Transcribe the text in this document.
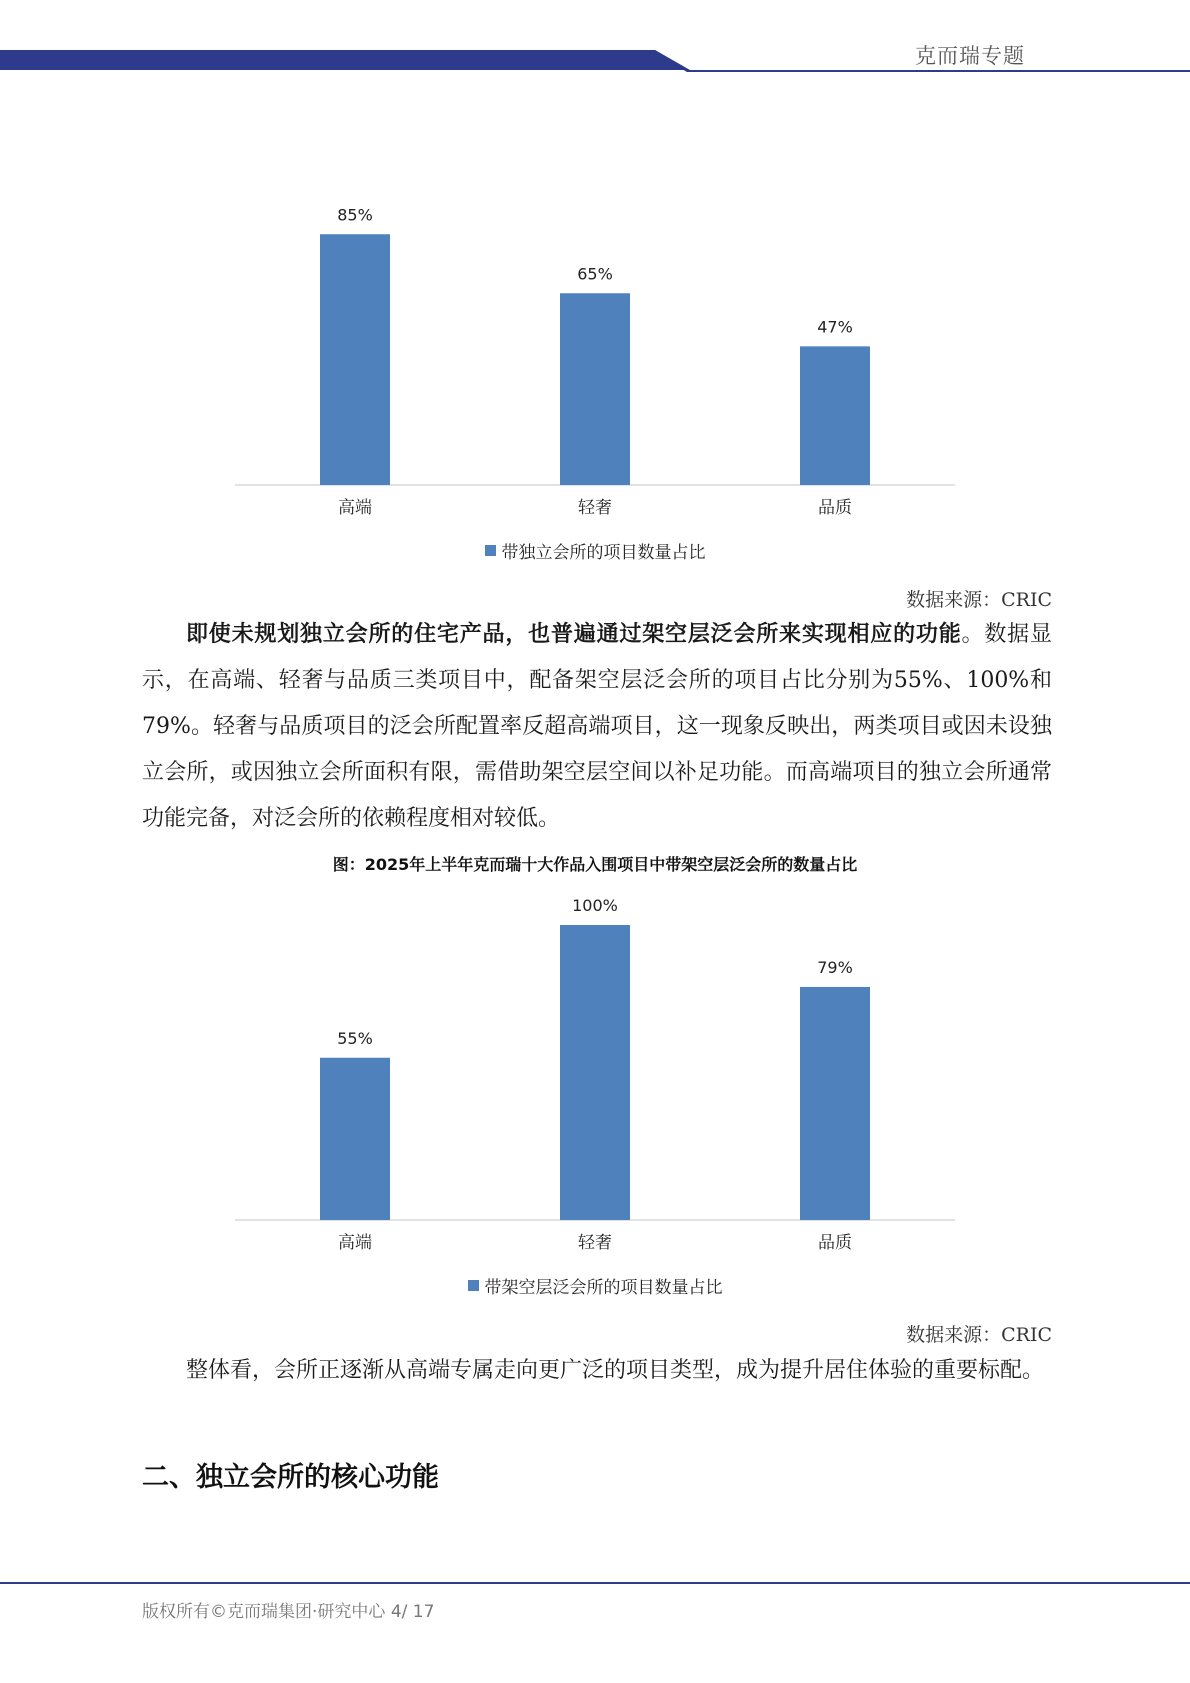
克而瑞专题
85%
高端
65%
轻奢
47%
品质
带独立会所的项目数量占比
数据来源：CRIC
即使未规划独立会所的住宅产品，也普遍通过架空层泛会所来实现相应的功能。数据显示，在高端、轻奢与品质三类项目中，配备架空层泛会所的项目占比分别为55%、100%和79%。轻奢与品质项目的泛会所配置率反超高端项目，这一现象反映出，两类项目或因未设独立会所，或因独立会所面积有限，需借助架空层空间以补足功能。而高端项目的独立会所通常功能完备，对泛会所的依赖程度相对较低。
图：2025年上半年克而瑞十大作品入围项目中带架空层泛会所的数量占比
55%
高端
100%
轻奢
79%
品质
带架空层泛会所的项目数量占比
数据来源：CRIC
整体看，会所正逐渐从高端专属走向更广泛的项目类型，成为提升居住体验的重要标配。
二、独立会所的核心功能
版权所有©克而瑞集团·研究中心 4/ 17
